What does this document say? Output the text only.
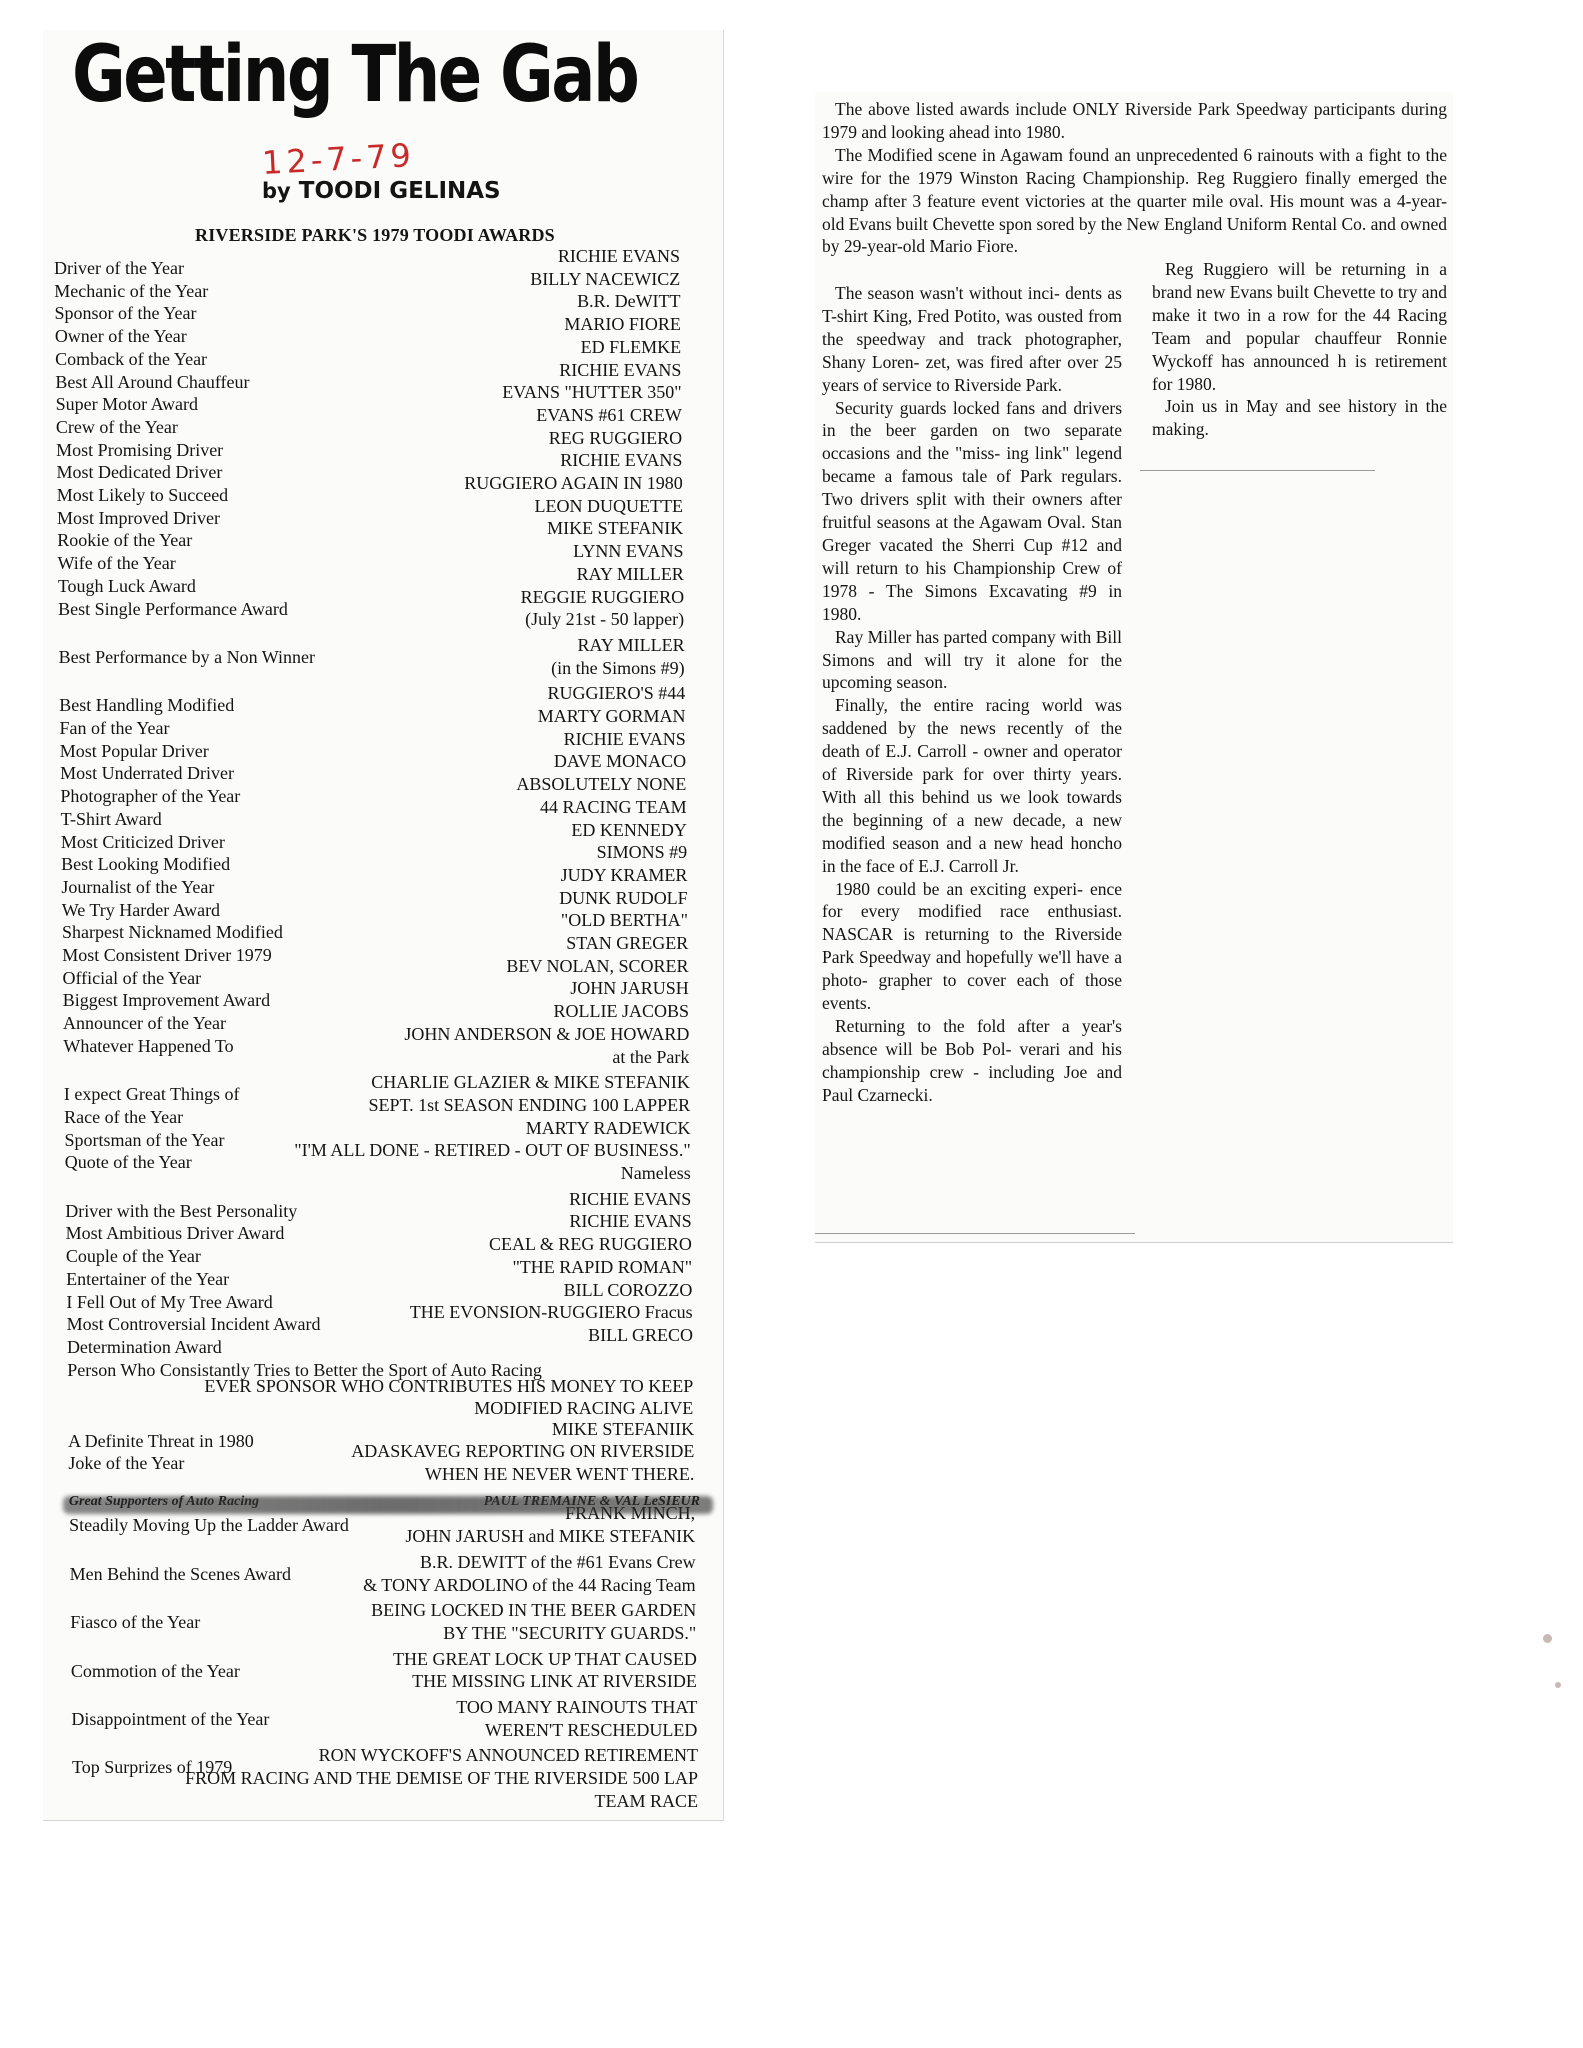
Getting The Gab
12-7-79
by TOODI GELINAS
RIVERSIDE PARK'S 1979 TOODI AWARDS
Driver of the Year
RICHIE EVANS
Mechanic of the Year
BILLY NACEWICZ
Sponsor of the Year
B.R. DeWITT
Owner of the Year
MARIO FIORE
Comback of the Year
ED FLEMKE
Best All Around Chauffeur
RICHIE EVANS
Super Motor Award
EVANS "HUTTER 350"
Crew of the Year
EVANS #61 CREW
Most Promising Driver
REG RUGGIERO
Most Dedicated Driver
RICHIE EVANS
Most Likely to Succeed
RUGGIERO AGAIN IN 1980
Most Improved Driver
LEON DUQUETTE
Rookie of the Year
MIKE STEFANIK
Wife of the Year
LYNN EVANS
Tough Luck Award
RAY MILLER
Best Single Performance Award
REGGIE RUGGIERO
(July 21st - 50 lapper)
Best Performance by a Non Winner
RAY MILLER
(in the Simons #9)
Best Handling Modified
RUGGIERO'S #44
Fan of the Year
MARTY GORMAN
Most Popular Driver
RICHIE EVANS
Most Underrated Driver
DAVE MONACO
Photographer of the Year
ABSOLUTELY NONE
T-Shirt Award
44 RACING TEAM
Most Criticized Driver
ED KENNEDY
Best Looking Modified
SIMONS #9
Journalist of the Year
JUDY KRAMER
We Try Harder Award
DUNK RUDOLF
Sharpest Nicknamed Modified
"OLD BERTHA"
Most Consistent Driver 1979
STAN GREGER
Official of the Year
BEV NOLAN, SCORER
Biggest Improvement Award
JOHN JARUSH
Announcer of the Year
ROLLIE JACOBS
Whatever Happened To
JOHN ANDERSON & JOE HOWARD
at the Park
I expect Great Things of
CHARLIE GLAZIER & MIKE STEFANIK
Race of the Year
SEPT. 1st SEASON ENDING 100 LAPPER
Sportsman of the Year
MARTY RADEWICK
Quote of the Year
"I'M ALL DONE - RETIRED - OUT OF BUSINESS."
Nameless
Driver with the Best Personality
RICHIE EVANS
Most Ambitious Driver Award
RICHIE EVANS
Couple of the Year
CEAL & REG RUGGIERO
Entertainer of the Year
"THE RAPID ROMAN"
I Fell Out of My Tree Award
BILL COROZZO
Most Controversial Incident Award
THE EVONSION-RUGGIERO Fracus
Determination Award
BILL GRECO
Person Who Consistantly Tries to Better the Sport of Auto Racing
EVER SPONSOR WHO CONTRIBUTES HIS MONEY TO KEEP
MODIFIED RACING ALIVE
A Definite Threat in 1980
MIKE STEFANIIK
Joke of the Year
ADASKAVEG REPORTING ON RIVERSIDE
WHEN HE NEVER WENT THERE.
Steadily Moving Up the Ladder Award
JOHN JARUSH and MIKE STEFANIK
Men Behind the Scenes Award
B.R. DEWITT of the #61 Evans Crew
& TONY ARDOLINO of the 44 Racing Team
Fiasco of the Year
BEING LOCKED IN THE BEER GARDEN
BY THE "SECURITY GUARDS."
Commotion of the Year
THE GREAT LOCK UP THAT CAUSED
THE MISSING LINK AT RIVERSIDE
Disappointment of the Year
TOO MANY RAINOUTS THAT
WEREN'T RESCHEDULED
Top Surprizes of 1979
RON WYCKOFF'S ANNOUNCED RETIREMENT
FROM RACING AND THE DEMISE OF THE RIVERSIDE 500 LAP
TEAM RACE

The above listed awards include ONLY Riverside Park Speedway participants during 1979 and looking ahead into 1980.

The Modified scene in Agawam found an unprecedented 6 rainouts with a fight to the wire for the 1979 Winston Racing Championship. Reg Ruggiero finally emerged the champ after 3 feature event victories at the quarter mile oval. His mount was a 4-year-old Evans built Chevette spon sored by the New England Uniform Rental Co. and owned by 29-year-old Mario Fiore.

The season wasn't without inci- dents as T-shirt King, Fred Potito, was ousted from the speedway and track photographer, Shany Loren- zet, was fired after over 25 years of service to Riverside Park.

Security guards locked fans and drivers in the beer garden on two separate occasions and the "miss- ing link" legend became a famous tale of Park regulars. Two drivers split with their owners after fruitful seasons at the Agawam Oval. Stan Greger vacated the Sherri Cup #12 and will return to his Championship Crew of 1978 - The Simons Excavating #9 in 1980.

Ray Miller has parted company with Bill Simons and will try it alone for the upcoming season.

Finally, the entire racing world was saddened by the news recently of the death of E.J. Carroll - owner and operator of Riverside park for over thirty years. With all this behind us we look towards the beginning of a new decade, a new modified season and a new head honcho in the face of E.J. Carroll Jr.

1980 could be an exciting experi- ence for every modified race enthusiast. NASCAR is returning to the Riverside Park Speedway and hopefully we'll have a photo- grapher to cover each of those events.

Returning to the fold after a year's absence will be Bob Pol- verari and his championship crew - including Joe and Paul Czarnecki.

Reg Ruggiero will be returning in a brand new Evans built Chevette to try and make it two in a row for the 44 Racing Team and popular chauffeur Ronnie Wyckoff has announced h is retirement for 1980.

Join us in May and see history in the making.
